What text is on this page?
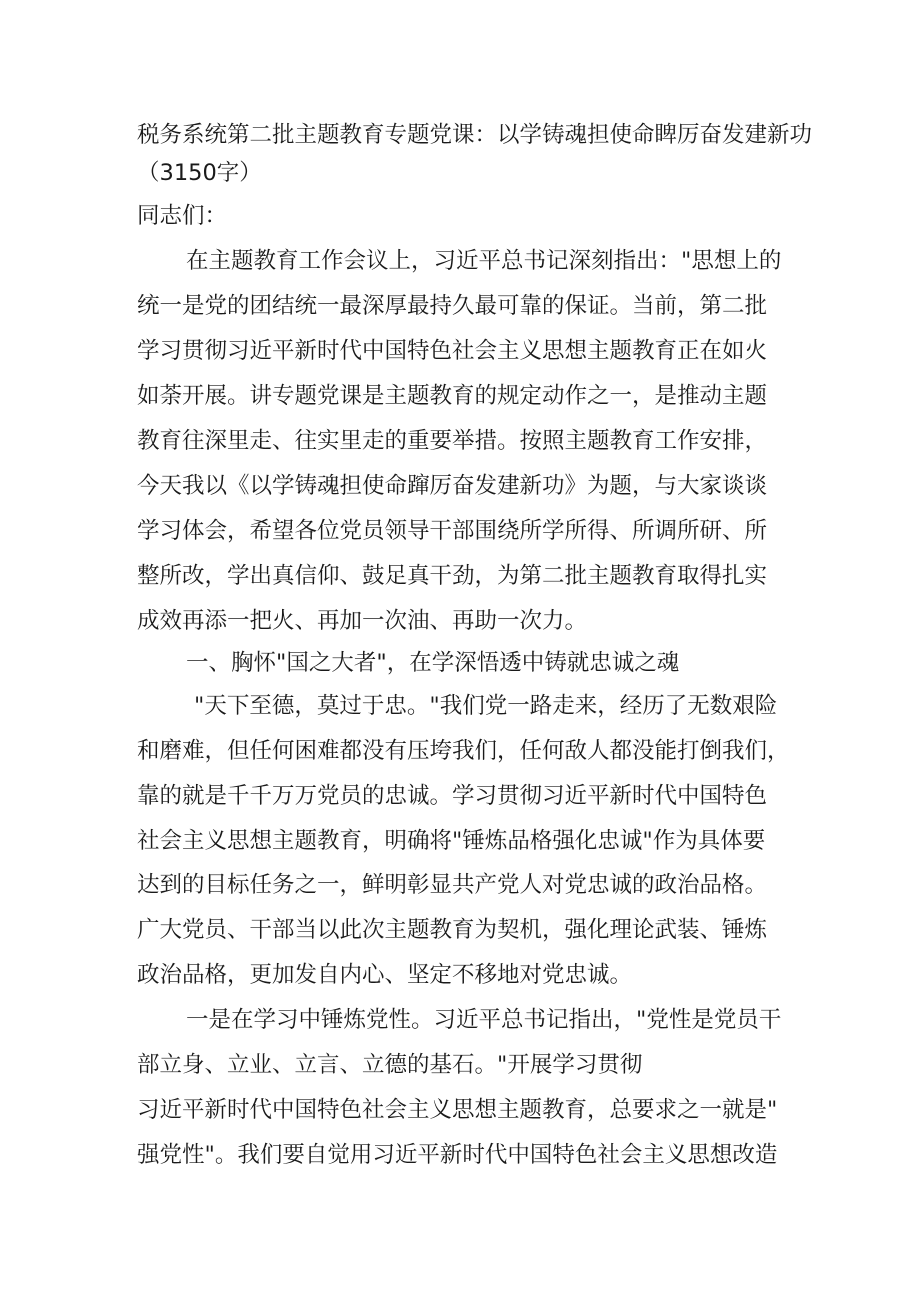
税务系统第二批主题教育专题党课：以学铸魂担使命睥厉奋发建新功（3150字）
同志们：
在主题教育工作会议上，习近平总书记深刻指出："思想上的
统一是党的团结统一最深厚最持久最可靠的保证。当前，第二批
学习贯彻习近平新时代中国特色社会主义思想主题教育正在如火
如荼开展。讲专题党课是主题教育的规定动作之一，是推动主题
教育往深里走、往实里走的重要举措。按照主题教育工作安排，
今天我以《以学铸魂担使命蹿厉奋发建新功》为题，与大家谈谈
学习体会，希望各位党员领导干部围绕所学所得、所调所研、所
整所改，学出真信仰、鼓足真干劲，为第二批主题教育取得扎实
成效再添一把火、再加一次油、再助一次力。
一、胸怀"国之大者"，在学深悟透中铸就忠诚之魂
"天下至德，莫过于忠。"我们党一路走来，经历了无数艰险
和磨难，但任何困难都没有压垮我们，任何敌人都没能打倒我们，
靠的就是千千万万党员的忠诚。学习贯彻习近平新时代中国特色
社会主义思想主题教育，明确将"锤炼品格强化忠诚"作为具体要
达到的目标任务之一，鲜明彰显共产党人对党忠诚的政治品格。
广大党员、干部当以此次主题教育为契机，强化理论武装、锤炼
政治品格，更加发自内心、坚定不移地对党忠诚。
一是在学习中锤炼党性。习近平总书记指出，"党性是党员干
部立身、立业、立言、立德的基石。"开展学习贯彻
习近平新时代中国特色社会主义思想主题教育，总要求之一就是"
强党性"。我们要自觉用习近平新时代中国特色社会主义思想改造
